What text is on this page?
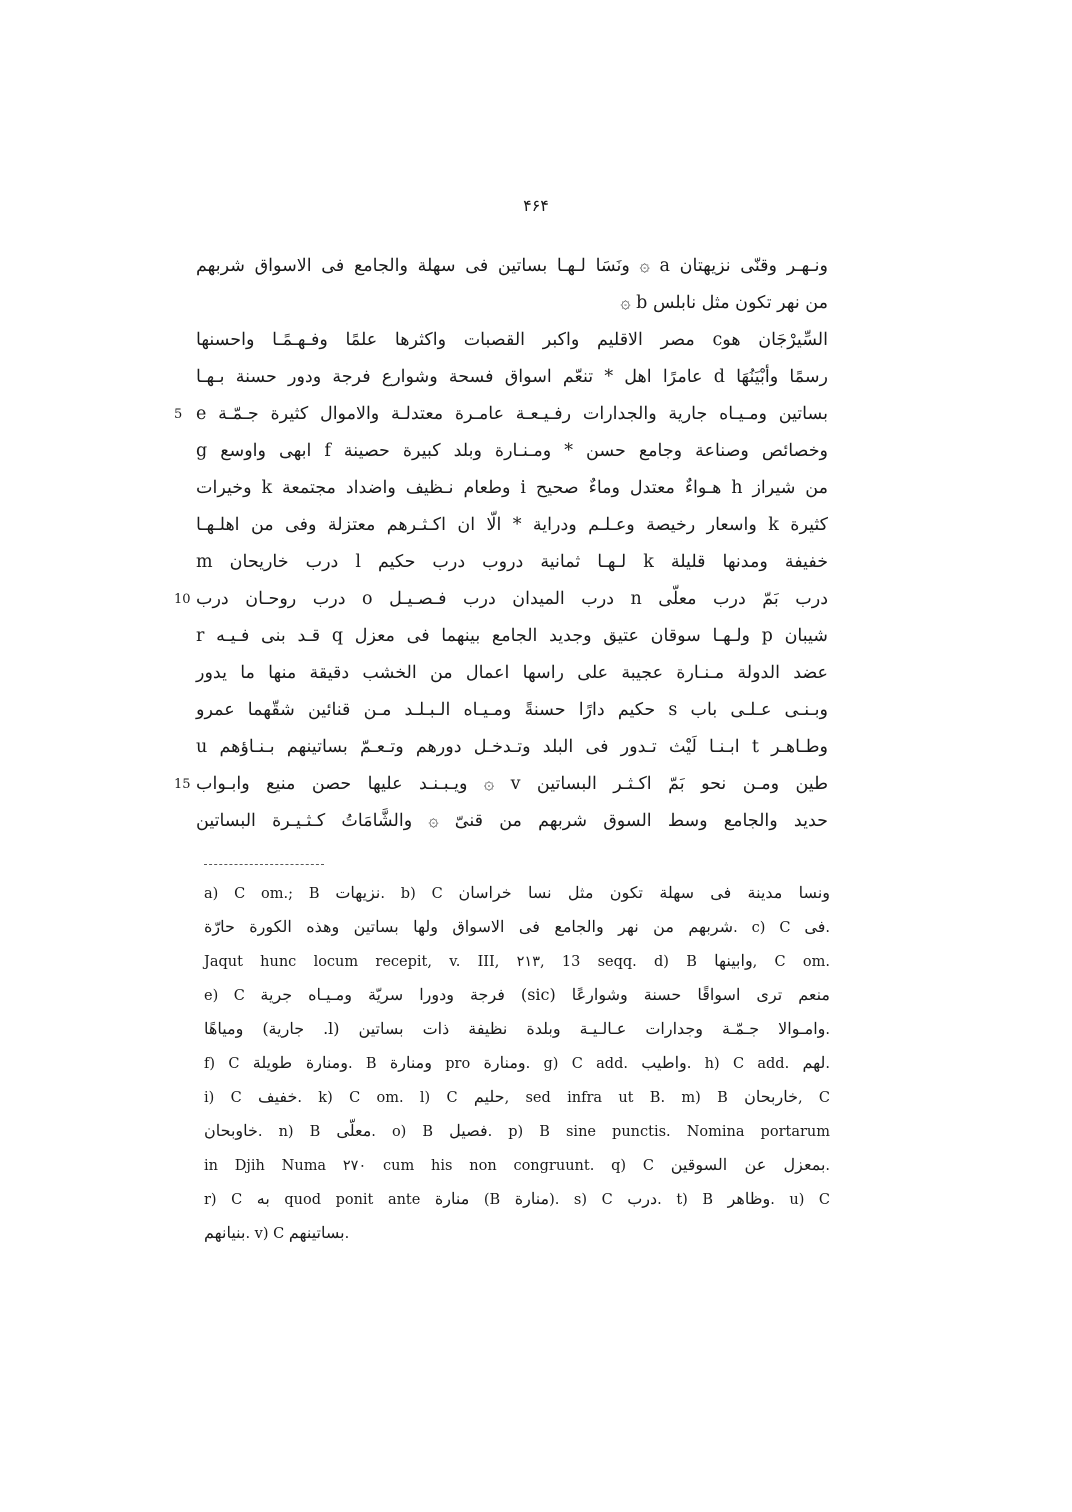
۴۶۴
ونـهـر وقنّى نزيهتان a ۞ ونَسَا لـهـا بساتين فى سهلة والجامع فى الاسواق شربهم
من نهر تكون مثل نابلس b ۞
السِّيرْجَان هوc مصر الاقليم واكبر القصبات واكثرها علمًا وفـهـمًـا واحسنها
رسمًا وأبْيَنُهَا d عامرًا اهل * تنعّم اسواق فسحة وشوارع فرجة ودور حسنة بـهـا
5 بساتين ومـيـاه جارية والجدارات رفـيـعـة عامـرة معتدلـة والاموال كثيرة جـمّـة e
وخصائص وصناعة وجامع حسن * ومـنـارة وبلد كبيرة حصينة f ابهى واوسع g
من شيراز h هـواءٌ معتدل وماءٌ صحيح i وطعام نـظيف واضداد مجتمعة k وخيرات
كثيرة k واسعار رخيصة وعـلـم ودراية * الّا ان اكـثـرهم معتزلة وفى من اهلـهـا
خفيفة ومدنها قليلة k لـهـا ثمانية دروب درب حكيم l درب خاريحان m
10 درب بَمّ درب معلّى n درب الميدان درب فـصـيـل o درب روحـان درب
شيبان p ولـهـا سوقان عتيق وجديد الجامع بينهما فى معزل q قـد بنى فـيـه r
عضد الدولة مـنـارة عجيبة على راسها اعمال من الخشب دقيقة منها ما يدور
وبـنـى عـلـى باب s حكيم دارًا حسنةً ومـيـاه الـبـلـد مـن قنائين شقّهما عمرو
وطـاهـر t ابـنـا لَيْث تـدور فى البلد وتـدخـل دورهم وتـعـمّ بساتينهم بـنـاؤهم u
15 طين ومـن نحو بَمّ اكـثـر البساتين v ۞ ويـبـنـد عليها حصن منيع وابـواب
حديد والجامع وسط السوق شربهم من قنىّ ۞ والشَّامَاتُ كـثـيـرة البساتين
a) C om.; B نزيهات. b) C ونسا مدينة فى سهلة تكون مثل نسا خراسان
شربهم من نهر والجامع فى الاسواق ولها بساتين وهذه الكورة حارّة. c) C فى.
Jaqut hunc locum recepit, v. III, ۲۱۳, 13 seqq. d) B وابينها, C om.
e) C منعم ترى اسواقًا حسنة وشوارعًا (sic) فرجة ودورا سريّة ومـيـاه جرية
وامـوالا جـمّـة وجدارات عـالـيـة وبلدة نظيفة ذات بساتين (l. جارية) ومياهًا.
f) C ومنارة طويلة. B ومنارة pro ومنارة. g) C add. واطيب. h) C add. لهم.
i) C خفيف. k) C om. l) C حليم, sed infra ut B. m) B خاربحان, C
خاوبحان. n) B معلّى. o) B فصيل. p) B sine punctis. Nomina portarum
in Djih Numa ۲۷۰ cum his non congruunt. q) C بمعزل عن السوقين.
r) C به quod ponit ante منارة (B منارة). s) C درب. t) B وظاهر. u) C
بنيانهم. v) C بساتينهم.
